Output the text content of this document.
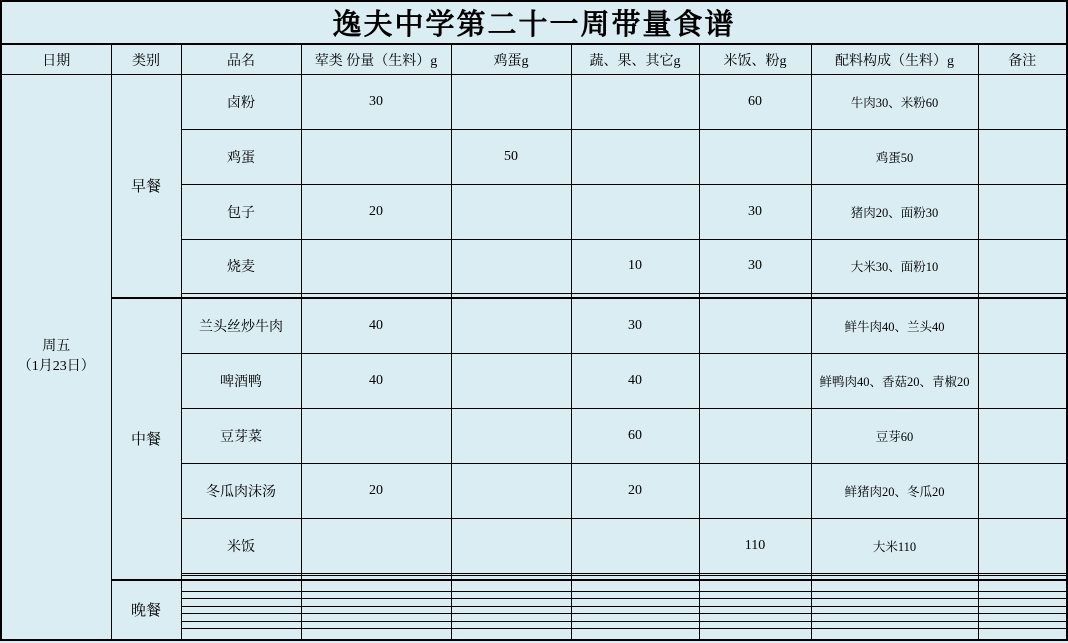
逸夫中学第二十一周带量食谱								
日期	类别	品名	荤类 份量（生料）g	鸡蛋g	蔬、果、其它g	米饭、粉g	配料构成（生料）g	备注

周五
（1月23日）	早餐	卤粉	30			60	牛肉30、米粉60	
		鸡蛋		50			鸡蛋50	
		包子	20			30	猪肉20、面粉30	
		烧麦			10	30	大米30、面粉10	

	中餐	兰头丝炒牛肉	40		30		鲜牛肉40、兰头40	
		啤酒鸭	40		40		鲜鸭肉40、香菇20、青椒20	
		豆芽菜			60		豆芽60	
		冬瓜肉沫汤	20		20		鲜猪肉20、冬瓜20	
		米饭				110	大米110	

	晚餐							
